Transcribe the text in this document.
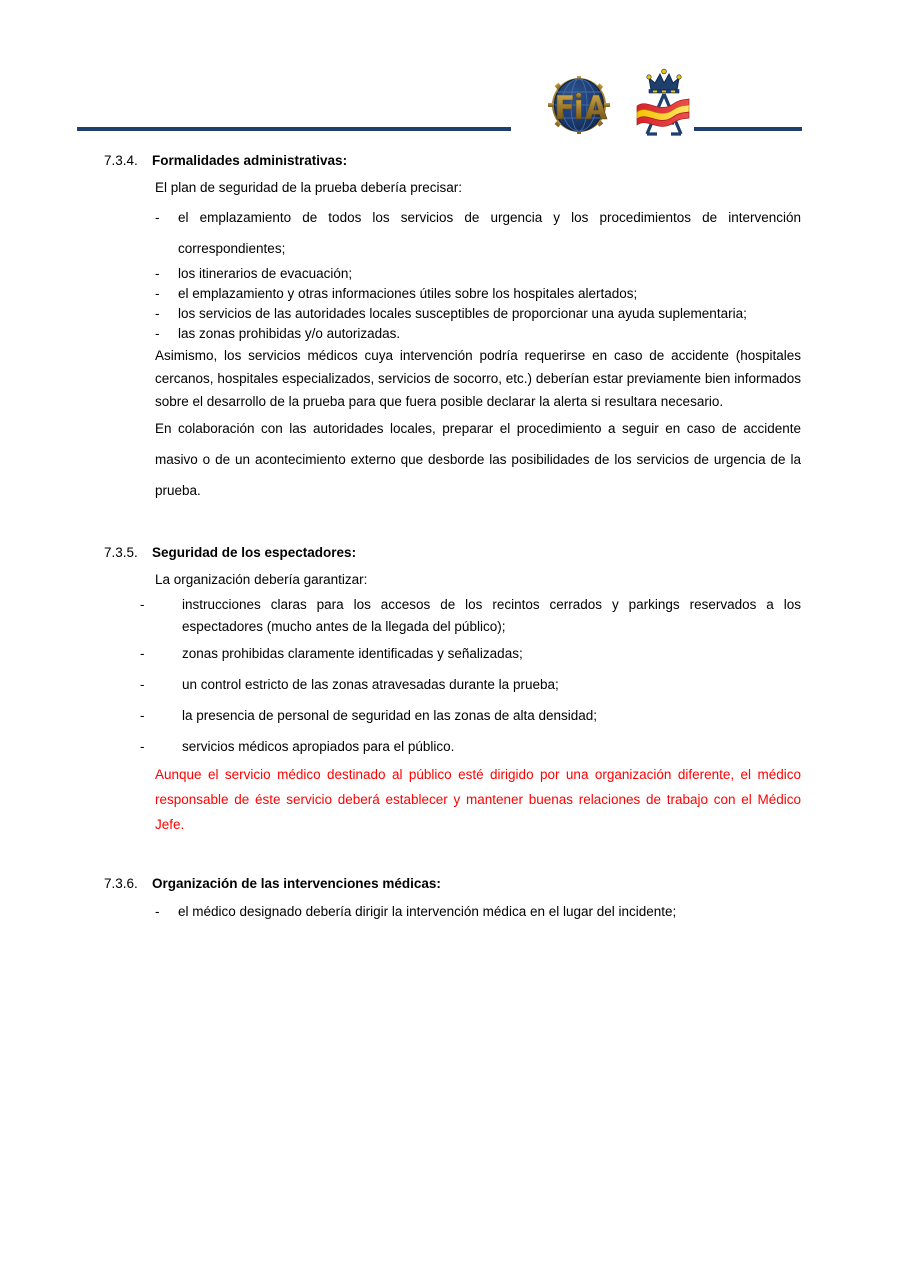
7.3.4. Formalidades administrativas:

El plan de seguridad de la prueba debería precisar:

- el emplazamiento de todos los servicios de urgencia y los procedimientos de intervención correspondientes;
- los itinerarios de evacuación;
- el emplazamiento y otras informaciones útiles sobre los hospitales alertados;
- los servicios de las autoridades locales susceptibles de proporcionar una ayuda suplementaria;
- las zonas prohibidas y/o autorizadas.

Asimismo, los servicios médicos cuya intervención podría requerirse en caso de accidente (hospitales cercanos, hospitales especializados, servicios de socorro, etc.) deberían estar previamente bien informados sobre el desarrollo de la prueba para que fuera posible declarar la alerta si resultara necesario.

En colaboración con las autoridades locales, preparar el procedimiento a seguir en caso de accidente masivo o de un acontecimiento externo que desborde las posibilidades de los servicios de urgencia de la prueba.

7.3.5. Seguridad de los espectadores:

La organización debería garantizar:

-	instrucciones claras para los accesos de los recintos cerrados y parkings reservados a los espectadores (mucho antes de la llegada del público);
-	zonas prohibidas claramente identificadas y señalizadas;
-	un control estricto de las zonas atravesadas durante la prueba;
-	la presencia de personal de seguridad en las zonas de alta densidad;
-	servicios médicos apropiados para el público.

Aunque el servicio médico destinado al público esté dirigido por una organización diferente, el médico responsable de éste servicio deberá establecer y mantener buenas relaciones de trabajo con el Médico Jefe.

7.3.6. Organización de las intervenciones médicas:
- el médico designado debería dirigir la intervención médica en el lugar del incidente;
